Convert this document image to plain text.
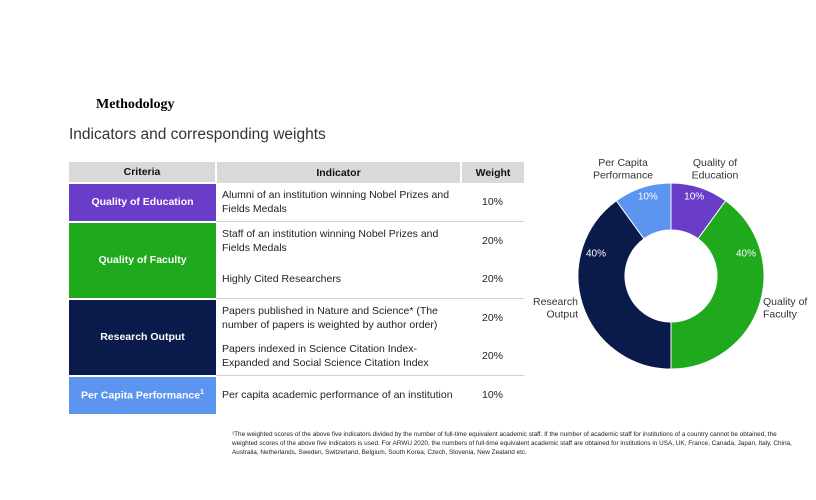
Methodology
Indicators and corresponding weights
Criteria	Indicator	Weight
Quality of Education	Alumni of an institution winning Nobel Prizes and Fields Medals	10%
Quality of Faculty	Staff of an institution winning Nobel Prizes and Fields Medals	20%
	Highly Cited Researchers	20%
Research Output	Papers published in Nature and Science* (The number of papers is weighted by author order)	20%
	Papers indexed in Science Citation Index-Expanded and Social Science Citation Index	20%
Per Capita Performance$^1$	Per capita academic performance of an institution	10%
10%
Quality of Education
40%
Quality of Faculty
40%
Research Output
10%
Per Capita Performance
¹The weighted scores of the above five indicators divided by the number of full-time equivalent academic staff. If the number of academic staff for institutions of a country cannot be obtained, the weighted scores of the above five indicators is used. For ARWU 2020, the numbers of full-time equivalent academic staff are obtained for institutions in USA, UK, France, Canada, Japan, Italy, China, Australia, Netherlands, Sweden, Switzerland, Belgium, South Korea, Czech, Slovenia, New Zealand etc.
